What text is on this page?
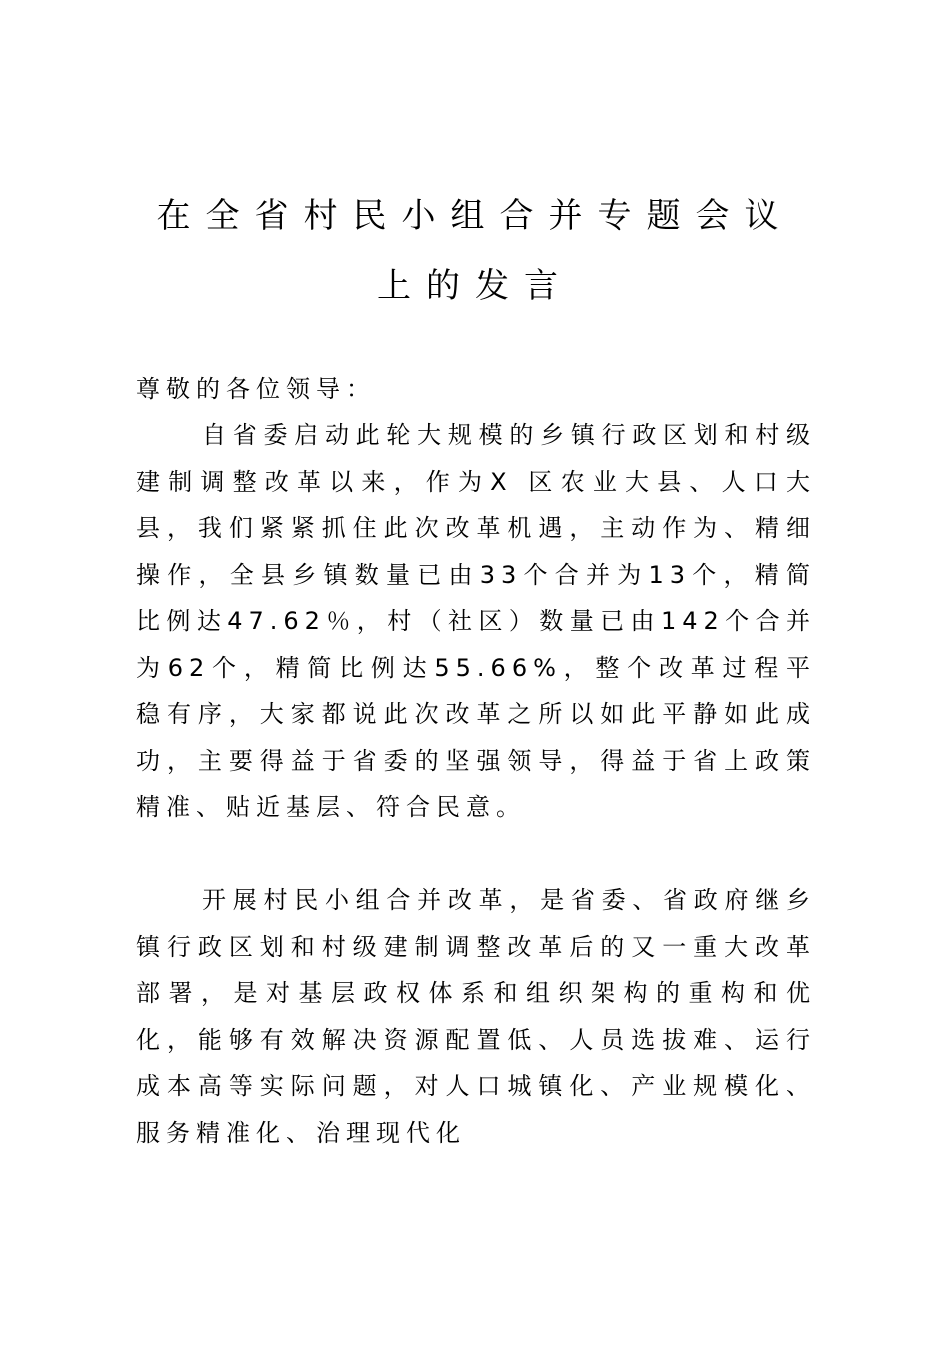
在全省村民小组合并专题会议
上的发言
尊敬的各位领导：
自省委启动此轮大规模的乡镇行政区划和村级建制调整改革以来，作为X 区农业大县、人口大县，我们紧紧抓住此次改革机遇，主动作为、精细操作，全县乡镇数量已由33个合并为13个，精简比例达47.62％，村（社区）数量已由142个合并为62个，精简比例达55.66%，整个改革过程平稳有序，大家都说此次改革之所以如此平静如此成功，主要得益于省委的坚强领导，得益于省上政策精准、贴近基层、符合民意。
开展村民小组合并改革，是省委、省政府继乡镇行政区划和村级建制调整改革后的又一重大改革部署，是对基层政权体系和组织架构的重构和优化，能够有效解决资源配置低、人员选拔难、运行成本高等实际问题，对人口城镇化、产业规模化、服务精准化、治理现代化
